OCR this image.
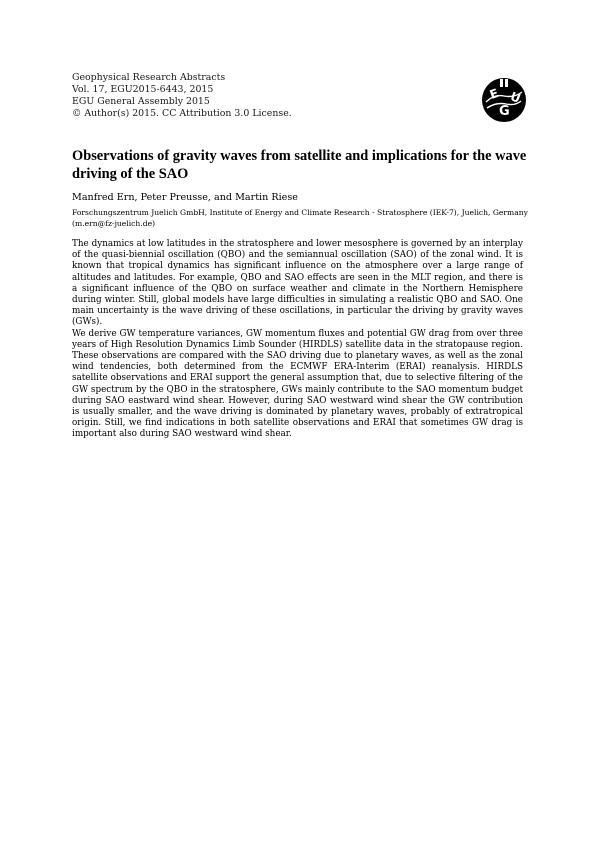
Geophysical Research Abstracts
Vol. 17, EGU2015-6443, 2015
EGU General Assembly 2015
© Author(s) 2015. CC Attribution 3.0 License.
E
G
U
Observations of gravity waves from satellite and implications for the wave driving of the SAO
Manfred Ern, Peter Preusse, and Martin Riese
Forschungszentrum Juelich GmbH, Institute of Energy and Climate Research - Stratosphere (IEK-7), Juelich, Germany (m.ern@fz-juelich.de)

The dynamics at low latitudes in the stratosphere and lower mesosphere is governed by an interplay of the quasi-biennial oscillation (QBO) and the semiannual oscillation (SAO) of the zonal wind. It is known that tropical dynamics has significant influence on the atmosphere over a large range of altitudes and latitudes. For example, QBO and SAO effects are seen in the MLT region, and there is a significant influence of the QBO on surface weather and climate in the Northern Hemisphere during winter. Still, global models have large difficulties in simulating a realistic QBO and SAO. One main uncertainty is the wave driving of these oscillations, in particular the driving by gravity waves (GWs).

We derive GW temperature variances, GW momentum fluxes and potential GW drag from over three years of High Resolution Dynamics Limb Sounder (HIRDLS) satellite data in the stratopause region. These observations are compared with the SAO driving due to planetary waves, as well as the zonal wind tendencies, both determined from the ECMWF ERA-Interim (ERAI) reanalysis. HIRDLS satellite observations and ERAI support the general assumption that, due to selective filtering of the GW spectrum by the QBO in the stratosphere, GWs mainly contribute to the SAO momentum budget during SAO eastward wind shear. However, during SAO westward wind shear the GW contribution is usually smaller, and the wave driving is dominated by planetary waves, probably of extratropical origin. Still, we find indications in both satellite observations and ERAI that sometimes GW drag is important also during SAO westward wind shear.
